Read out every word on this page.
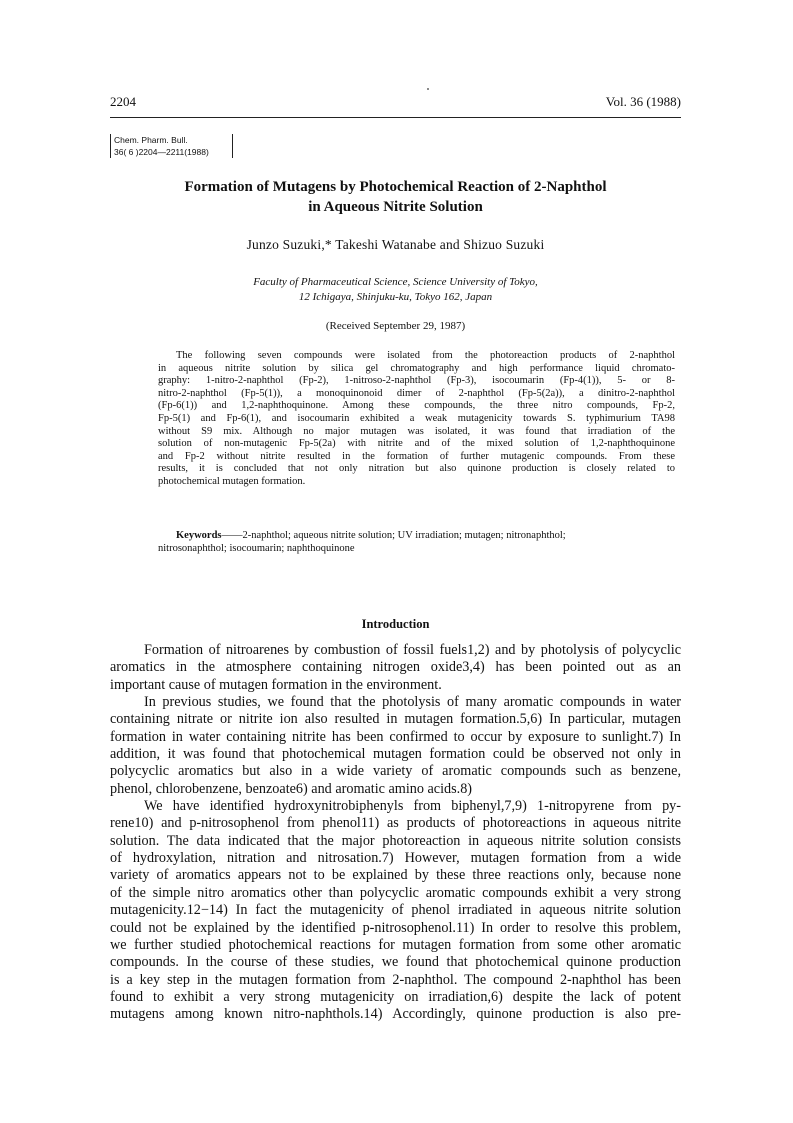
2204	Vol. 36 (1988)
Chem. Pharm. Bull.
36( 6 )2204—2211(1988)
Formation of Mutagens by Photochemical Reaction of 2-Naphthol
in Aqueous Nitrite Solution
Junzo Suzuki,* Takeshi Watanabe and Shizuo Suzuki
Faculty of Pharmaceutical Science, Science University of Tokyo,
12 Ichigaya, Shinjuku-ku, Tokyo 162, Japan
(Received September 29, 1987)
The following seven compounds were isolated from the photoreaction products of 2-naphthol
in aqueous nitrite solution by silica gel chromatography and high performance liquid chromato-
graphy: 1-nitro-2-naphthol (Fp-2), 1-nitroso-2-naphthol (Fp-3), isocoumarin (Fp-4(1)), 5- or 8-
nitro-2-naphthol (Fp-5(1)), a monoquinonoid dimer of 2-naphthol (Fp-5(2a)), a dinitro-2-naphthol
(Fp-6(1)) and 1,2-naphthoquinone. Among these compounds, the three nitro compounds, Fp-2,
Fp-5(1) and Fp-6(1), and isocoumarin exhibited a weak mutagenicity towards S. typhimurium TA98
without S9 mix. Although no major mutagen was isolated, it was found that irradiation of the
solution of non-mutagenic Fp-5(2a) with nitrite and of the mixed solution of 1,2-naphthoquinone
and Fp-2 without nitrite resulted in the formation of further mutagenic compounds. From these
results, it is concluded that not only nitration but also quinone production is closely related to
photochemical mutagen formation.
Keywords——2-naphthol; aqueous nitrite solution; UV irradiation; mutagen; nitronaphthol;
nitrosonaphthol; isocoumarin; naphthoquinone
Introduction
Formation of nitroarenes by combustion of fossil fuels1,2) and by photolysis of polycyclic
aromatics in the atmosphere containing nitrogen oxide3,4) has been pointed out as an
important cause of mutagen formation in the environment.
In previous studies, we found that the photolysis of many aromatic compounds in water
containing nitrate or nitrite ion also resulted in mutagen formation.5,6) In particular, mutagen
formation in water containing nitrite has been confirmed to occur by exposure to sunlight.7) In
addition, it was found that photochemical mutagen formation could be observed not only in
polycyclic aromatics but also in a wide variety of aromatic compounds such as benzene,
phenol, chlorobenzene, benzoate6) and aromatic amino acids.8)
We have identified hydroxynitrobiphenyls from biphenyl,7,9) 1-nitropyrene from py-
rene10) and p-nitrosophenol from phenol11) as products of photoreactions in aqueous nitrite
solution. The data indicated that the major photoreaction in aqueous nitrite solution consists
of hydroxylation, nitration and nitrosation.7) However, mutagen formation from a wide
variety of aromatics appears not to be explained by these three reactions only, because none
of the simple nitro aromatics other than polycyclic aromatic compounds exhibit a very strong
mutagenicity.12−14) In fact the mutagenicity of phenol irradiated in aqueous nitrite solution
could not be explained by the identified p-nitrosophenol.11) In order to resolve this problem,
we further studied photochemical reactions for mutagen formation from some other aromatic
compounds. In the course of these studies, we found that photochemical quinone production
is a key step in the mutagen formation from 2-naphthol. The compound 2-naphthol has been
found to exhibit a very strong mutagenicity on irradiation,6) despite the lack of potent
mutagens among known nitro-naphthols.14) Accordingly, quinone production is also pre-
